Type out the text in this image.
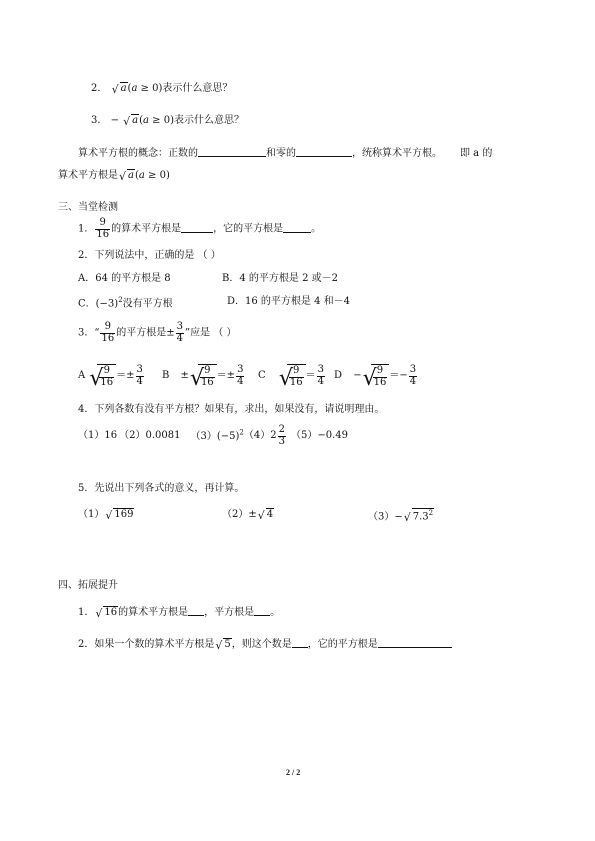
2． √ a(a ≥ 0)表示什么意思？
3． − √ a(a ≥ 0)表示什么意思？
算术平方根的概念：正数的	和零的	，统称算术平方根。 即 a 的
算术平方根是 √ a(a ≥ 0)
三、当堂检测
1． $\frac{9}{16}$ 的算术平方根是	，它的平方根是	。
2．下列说法中，正确的是 （ ）
A．64 的平方根是 8	B．4 的平方根是 2 或－2
C．$(-3)^2$没有平方根	D．16 的平方根是 4 和－4
3．“ $\frac{9}{16}$ 的平方根是± $\frac{3}{4}$ ”应是 （ ）
A √ $\frac{9}{16} =\pm \frac{3}{4}$ B ± √ $\frac{9}{16} =\pm \frac{3}{4}$ C √ $\frac{9}{16} = \frac{3}{4}$ D − √ $\frac{9}{16} =- \frac{3}{4}$
4．下列各数有没有平方根？如果有，求出，如果没有，请说明理由。
（1）16 （2）0.0081 $(3)(-5)^2(4)2 \frac{2}{3} (5)-0.49$
5．先说出下列各式的意义，再计算。
（1） √ 169	（2）± √ 4	（3）− √ $7.3^2$
四、拓展提升
1． √ 16的算术平方根是 ，平方根是 。
2．如果一个数的算术平方根是 √ 5，则这个数是 ，它的平方根是
2 / 2
